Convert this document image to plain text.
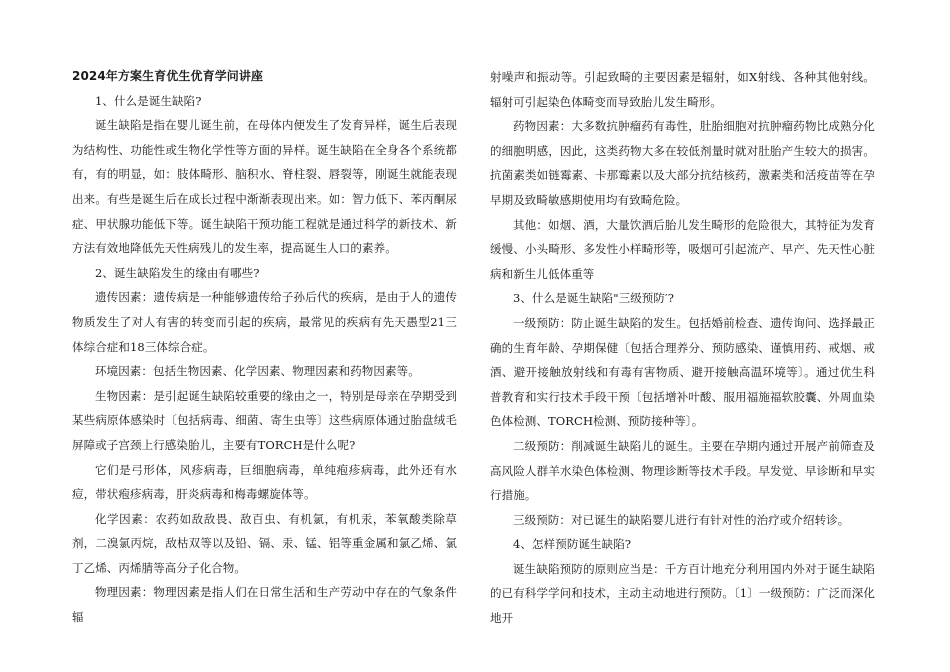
2024年方案生育优生优育学问讲座

1、什么是诞生缺陷?

诞生缺陷是指在婴儿诞生前，在母体内便发生了发育异样，诞生后表现为结构性、功能性或生物化学性等方面的异样。诞生缺陷在全身各个系统都有，有的明显，如：肢体畸形、脑积水、脊柱裂、唇裂等，刚诞生就能表现出来。有些是诞生后在成长过程中渐渐表现出来。如：智力低下、苯丙酮尿症、甲状腺功能低下等。诞生缺陷干预功能工程就是通过科学的新技术、新方法有效地降低先天性病残儿的发生率，提高诞生人口的素养。

2、诞生缺陷发生的缘由有哪些?

遗传因素：遗传病是一种能够遗传给子孙后代的疾病，是由于人的遗传物质发生了对人有害的转变而引起的疾病，最常见的疾病有先天愚型21三体综合症和18三体综合症。

环境因素：包括生物因素、化学因素、物理因素和药物因素等。

生物因素：是引起诞生缺陷较重要的缘由之一，特别是母亲在孕期受到某些病原体感染时〔包括病毒、细菌、寄生虫等〕这些病原体通过胎盘绒毛屏障或子宫颈上行感染胎儿，主要有TORCH是什么呢?

它们是弓形体，风疹病毒，巨细胞病毒，单纯疱疹病毒，此外还有水痘，带状疱疹病毒，肝炎病毒和梅毒螺旋体等。

化学因素：农药如敌敌畏、敌百虫、有机氯，有机汞，苯氧酸类除草剂，二溴氯丙烷，敌枯双等以及铅、镉、汞、锰、铝等重金属和氯乙烯、氯丁乙烯、丙烯腈等高分子化合物。

物理因素：物理因素是指人们在日常生活和生产劳动中存在的气象条件辐

射噪声和振动等。引起致畸的主要因素是辐射，如X射线、各种其他射线。辐射可引起染色体畸变而导致胎儿发生畸形。

药物因素：大多数抗肿瘤药有毒性，肚胎细胞对抗肿瘤药物比成熟分化的细胞明感，因此，这类药物大多在较低剂量时就对肚胎产生较大的损害。抗菌素类如链霉素、卡那霉素以及大部分抗结核药，激素类和活疫苗等在孕早期及致畸敏感期使用均有致畸危险。

其他：如烟、酒，大量饮酒后胎儿发生畸形的危险很大，其特征为发育缓慢、小头畸形、多发性小样畸形等，吸烟可引起流产、早产、先天性心脏病和新生儿低体重等

3、什么是诞生缺陷"三级预防′?

一级预防：防止诞生缺陷的发生。包括婚前检查、遗传询问、选择最正确的生育年龄、孕期保健〔包括合理养分、预防感染、谨慎用药、戒烟、戒酒、避开接触放射线和有毒有害物质、避开接触高温环境等〕。通过优生科普教育和实行技术手段干预〔包括增补叶酸、服用福施福软胶囊、外周血染色体检测、TORCH检测、预防接种等〕。

二级预防：削减诞生缺陷儿的诞生。主要在孕期内通过开展产前筛查及高风险人群羊水染色体检测、物理诊断等技术手段。早发觉、早诊断和早实行措施。

三级预防：对已诞生的缺陷婴儿进行有针对性的治疗或介绍转诊。

4、怎样预防诞生缺陷?

诞生缺陷预防的原则应当是：千方百计地充分利用国内外对于诞生缺陷的已有科学学问和技术，主动主动地进行预防。〔1〕一级预防：广泛而深化地开
